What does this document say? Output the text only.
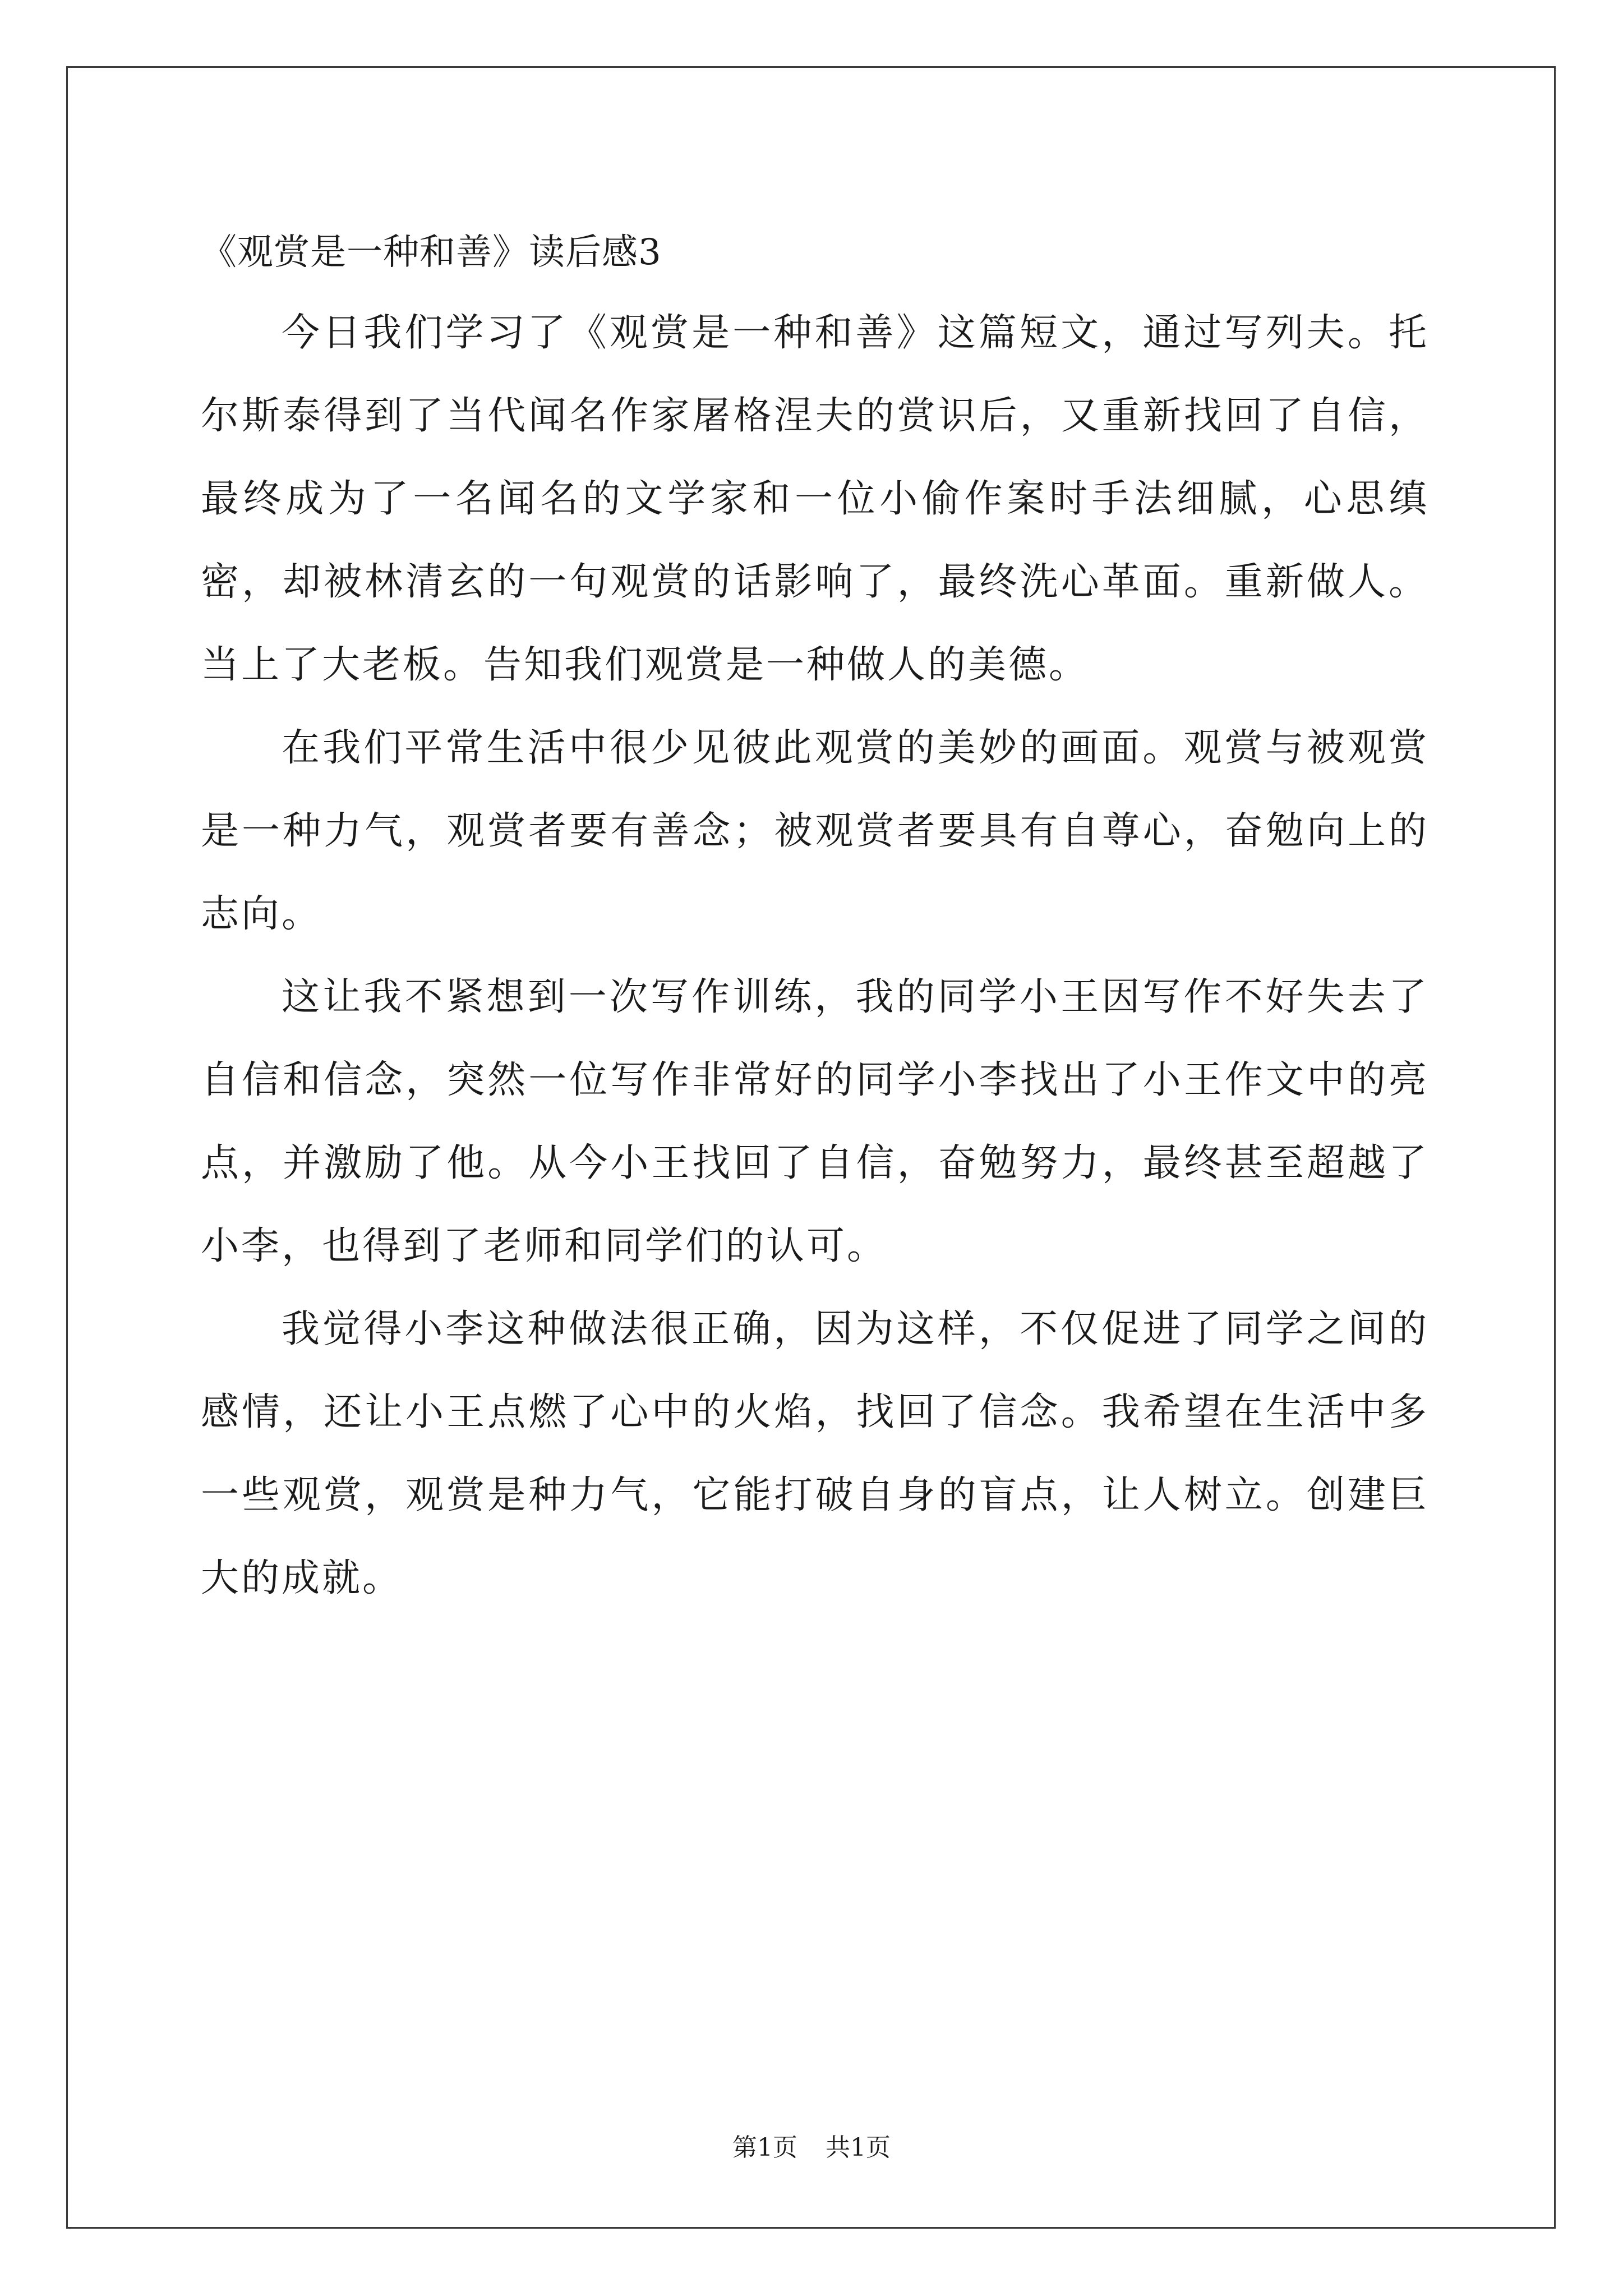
《观赏是一种和善》读后感3

今日我们学习了《观赏是一种和善》这篇短文，通过写列夫。托尔斯泰得到了当代闻名作家屠格涅夫的赏识后，又重新找回了自信，最终成为了一名闻名的文学家和一位小偷作案时手法细腻，心思缜密，却被林清玄的一句观赏的话影响了，最终洗心革面。重新做人。当上了大老板。告知我们观赏是一种做人的美德。

在我们平常生活中很少见彼此观赏的美妙的画面。观赏与被观赏是一种力气，观赏者要有善念；被观赏者要具有自尊心，奋勉向上的志向。

这让我不紧想到一次写作训练，我的同学小王因写作不好失去了自信和信念，突然一位写作非常好的同学小李找出了小王作文中的亮点，并激励了他。从今小王找回了自信，奋勉努力，最终甚至超越了小李，也得到了老师和同学们的认可。

我觉得小李这种做法很正确，因为这样，不仅促进了同学之间的感情，还让小王点燃了心中的火焰，找回了信念。我希望在生活中多一些观赏，观赏是种力气，它能打破自身的盲点，让人树立。创建巨大的成就。

第1页 共1页
